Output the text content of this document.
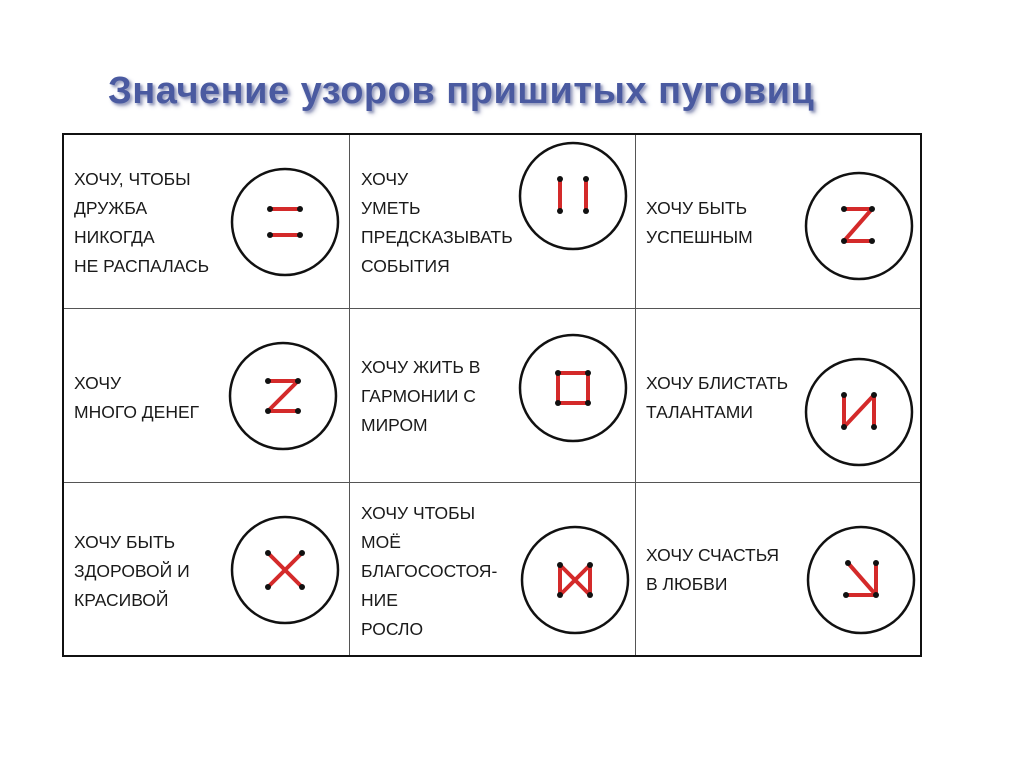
Значение узоров пришитых пуговиц
ХОЧУ, ЧТОБЫ
ДРУЖБА
НИКОГДА
НЕ РАСПАЛАСЬ
ХОЧУ
УМЕТЬ
ПРЕДСКАЗЫВАТЬ
СОБЫТИЯ
ХОЧУ БЫТЬ
УСПЕШНЫМ
ХОЧУ
МНОГО ДЕНЕГ
ХОЧУ ЖИТЬ В
ГАРМОНИИ С
МИРОМ
ХОЧУ БЛИСТАТЬ
ТАЛАНТАМИ
ХОЧУ БЫТЬ
ЗДОРОВОЙ И
КРАСИВОЙ
ХОЧУ ЧТОБЫ
МОЁ
БЛАГОСОСТОЯ-
НИЕ
РОСЛО
ХОЧУ СЧАСТЬЯ
В ЛЮБВИ
